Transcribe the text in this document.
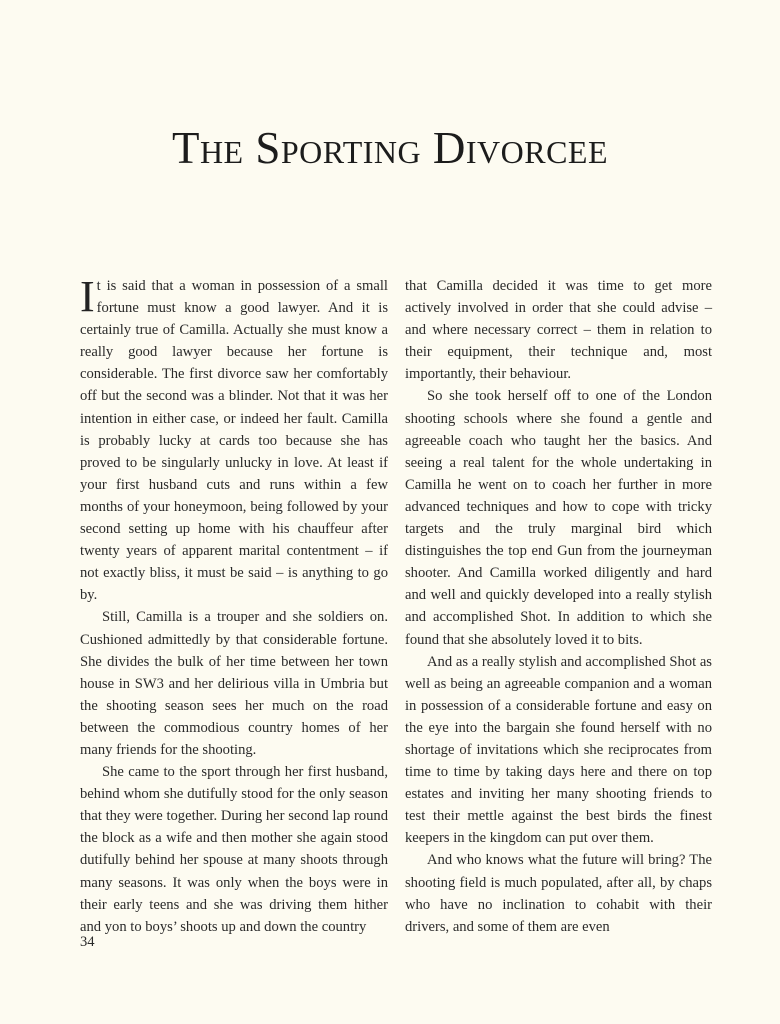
The Sporting Divorcee

It is said that a woman in possession of a small fortune must know a good lawyer. And it is certainly true of Camilla. Actually she must know a really good lawyer because her fortune is considerable. The first divorce saw her comfortably off but the second was a blinder. Not that it was her intention in either case, or indeed her fault. Camilla is probably lucky at cards too because she has proved to be singularly unlucky in love. At least if your first husband cuts and runs within a few months of your honeymoon, being followed by your second setting up home with his chauffeur after twenty years of apparent marital contentment – if not exactly bliss, it must be said – is anything to go by.

Still, Camilla is a trouper and she soldiers on. Cushioned admittedly by that considerable fortune. She divides the bulk of her time between her town house in SW3 and her delirious villa in Umbria but the shooting season sees her much on the road between the commodious country homes of her many friends for the shooting.

She came to the sport through her first husband, behind whom she dutifully stood for the only season that they were together. During her second lap round the block as a wife and then mother she again stood dutifully behind her spouse at many shoots through many seasons. It was only when the boys were in their early teens and she was driving them hither and yon to boys’ shoots up and down the country

that Camilla decided it was time to get more actively involved in order that she could advise – and where necessary correct – them in relation to their equipment, their technique and, most importantly, their behaviour.

So she took herself off to one of the London shooting schools where she found a gentle and agreeable coach who taught her the basics. And seeing a real talent for the whole undertaking in Camilla he went on to coach her further in more advanced techniques and how to cope with tricky targets and the truly marginal bird which distinguishes the top end Gun from the journeyman shooter. And Camilla worked diligently and hard and well and quickly developed into a really stylish and accomplished Shot. In addition to which she found that she absolutely loved it to bits.

And as a really stylish and accomplished Shot as well as being an agreeable companion and a woman in possession of a considerable fortune and easy on the eye into the bargain she found herself with no shortage of invitations which she reciprocates from time to time by taking days here and there on top estates and inviting her many shooting friends to test their mettle against the best birds the finest keepers in the kingdom can put over them.

And who knows what the future will bring? The shooting field is much populated, after all, by chaps who have no inclination to cohabit with their drivers, and some of them are even

34
